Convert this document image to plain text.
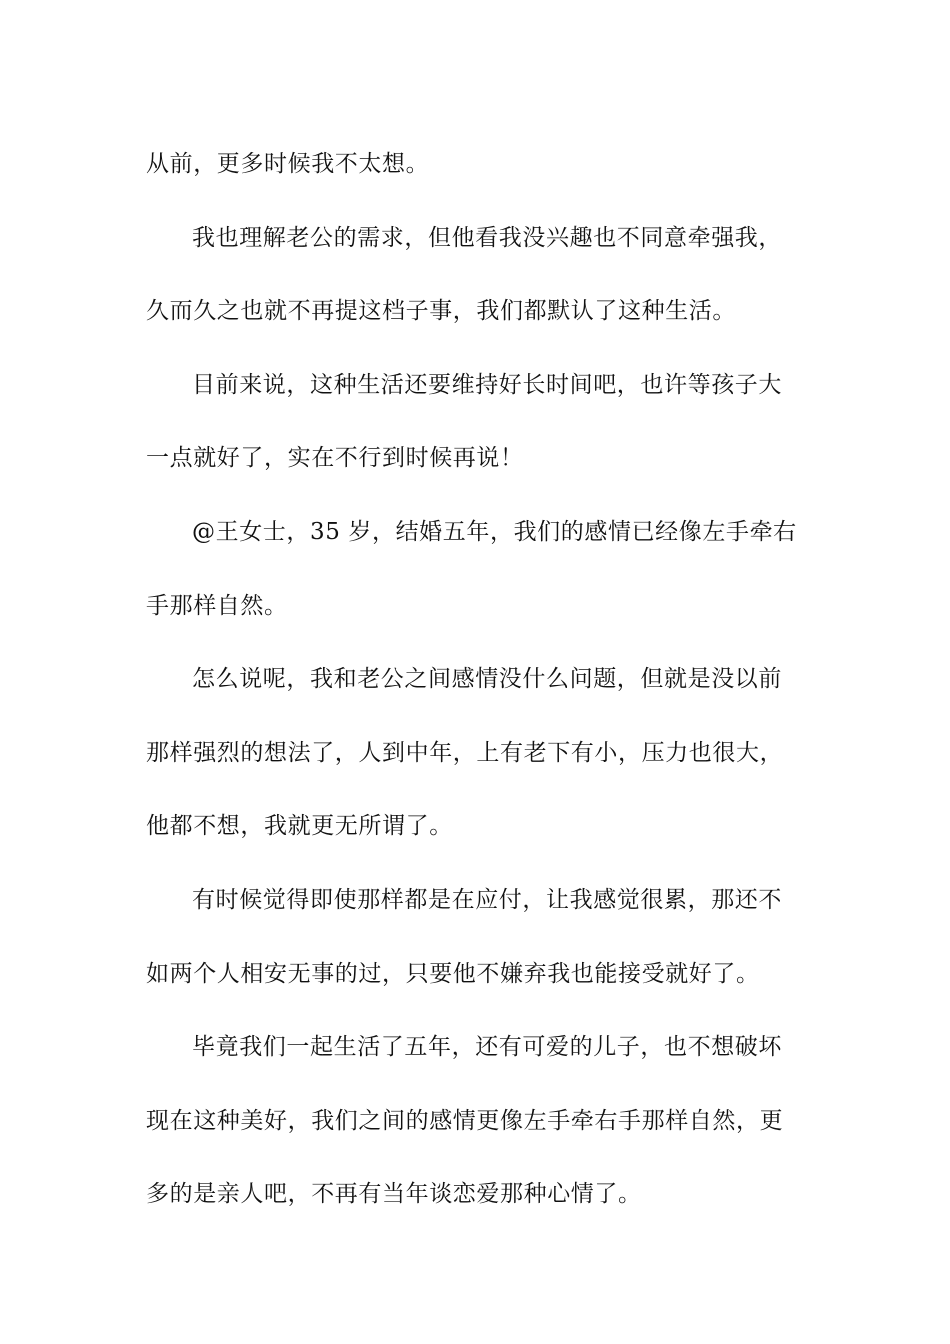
从前，更多时候我不太想。
我也理解老公的需求，但他看我没兴趣也不同意牵强我，
久而久之也就不再提这档子事，我们都默认了这种生活。
目前来说，这种生活还要维持好长时间吧，也许等孩子大
一点就好了，实在不行到时候再说！
@王女士，35 岁，结婚五年，我们的感情已经像左手牵右
手那样自然。
怎么说呢，我和老公之间感情没什么问题，但就是没以前
那样强烈的想法了，人到中年，上有老下有小，压力也很大，
他都不想，我就更无所谓了。
有时候觉得即使那样都是在应付，让我感觉很累，那还不
如两个人相安无事的过，只要他不嫌弃我也能接受就好了。
毕竟我们一起生活了五年，还有可爱的儿子，也不想破坏
现在这种美好，我们之间的感情更像左手牵右手那样自然，更
多的是亲人吧，不再有当年谈恋爱那种心情了。
